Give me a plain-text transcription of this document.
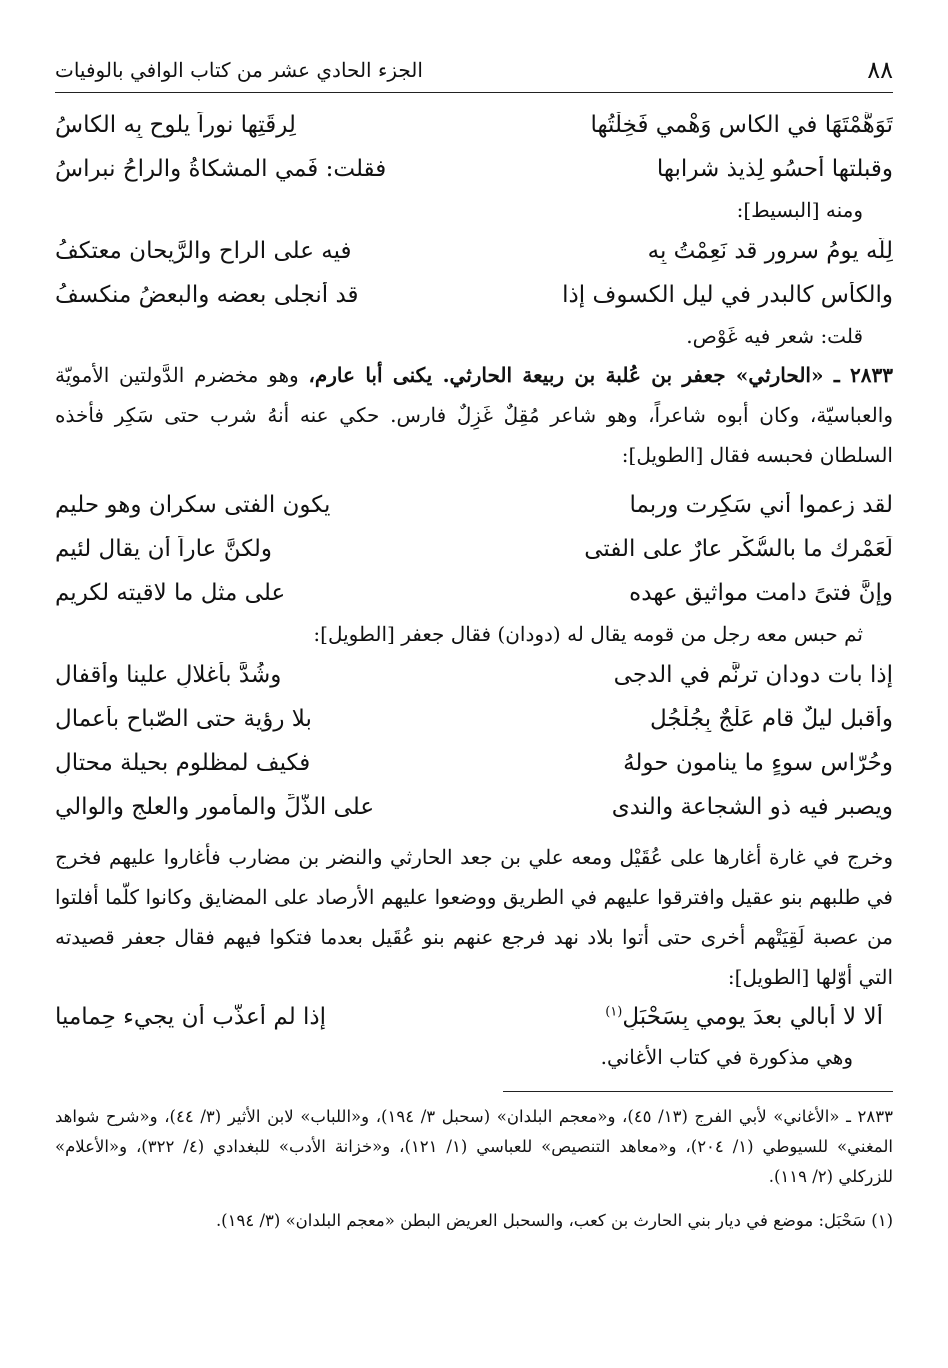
٨٨
الجزء الحادي عشر من كتاب الوافي بالوفيات
تَوَهَّمْتَهَا في الكاس وَهْمي فَخِلْتُها
لِرقَتِها نوراً يلوح بِه الكاسُ
وقبلتها أحسُو لِذيذ شرابها
فقلت: فَمي المشكاةُ والراحُ نبراسُ
ومنه [البسيط]:
لِلّه يومُ سرورٍ قد نَعِمْتُ بِه
فيه على الراح والرَّيحان معتكفُ
والكأس كالبدر في ليل الكسوف إذا
قد أنجلى بعضه والبعضُ منكسفُ
قلت: شعر فيه غَوْص.

٢٨٣٣ ـ «الحارثي» جعفر بن عُلبة بن ربيعة الحارثي. يكنى أبا عارم، وهو مخضرم الدَّولتين الأمويّة والعباسيّة، وكان أبوه شاعراً، وهو شاعر مُقِلٌ غَزِلٌ فارس. حكي عنه أنهُ شرب حتى سَكِر فأخذه السلطان فحبسه فقال [الطويل]:

لقد زعموا أني سَكِرت وربما
يكون الفتى سكران وهو حليم
لَعَمْرك ما بالسُّكْر عارٌ على الفتى
ولكنَّ عاراً أن يقال لئيم
وإنَّ فتىً دامت مواثيق عهده
على مثل ما لاقيته لكريم
ثم حبس معه رجل من قومه يقال له (دودان) فقال جعفر [الطويل]:
إذا بات دودان ترنَّم في الدجى
وشُدَّ بأغلالٍ علينا وأقفال
وأقبل ليلٌ قام عَلْجٌ بِجُلْجُل
بلا رؤية حتى الصّباح بأعمال
وحُرّاس سوءٍ ما ينامون حولهُ
فكيف لمظلومٍ بحيلة محتالِ
ويصبر فيه ذو الشجاعة والندى
على الذُّلِّ والمأمور والعلج والوالي

وخرج في غارة أغارها على عُقَيْل ومعه علي بن جعد الحارثي والنضر بن مضارب فأغاروا عليهم فخرج في طلبهم بنو عقيل وافترقوا عليهم في الطريق ووضعوا عليهم الأرصاد على المضايق وكانوا كلّما أفلتوا من عصبة لَقِيَتْهم أخرى حتى أتوا بلاد نهد فرجع عنهم بنو عُقَيل بعدما فتكوا فيهم فقال جعفر قصيدته التي أوّلها [الطويل]:

ألا لا أُبالي بعدَ يومي بِسَحْبَلٍ$^{(١)}$
إذا لم أُعذّب أن يجيء حِماميا
وهي مذكورة في كتاب الأغاني.

٢٨٣٣ ـ «الأغاني» لأبي الفرج (١٣/ ٤٥)، و«معجم البلدان» (سحبل ٣/ ١٩٤)، و«اللباب» لابن الأثير (٣/ ٤٤)، و«شرح شواهد المغني» للسيوطي (١/ ٢٠٤)، و«معاهد التنصيص» للعباسي (١/ ١٢١)، و«خزانة الأدب» للبغدادي (٤/ ٣٢٢)، و«الأعلام» للزركلي (٢/ ١١٩).

(١) سَحْبَل: موضع في ديار بني الحارث بن كعب، والسحبل العريض البطن «معجم البلدان» (٣/ ١٩٤).
